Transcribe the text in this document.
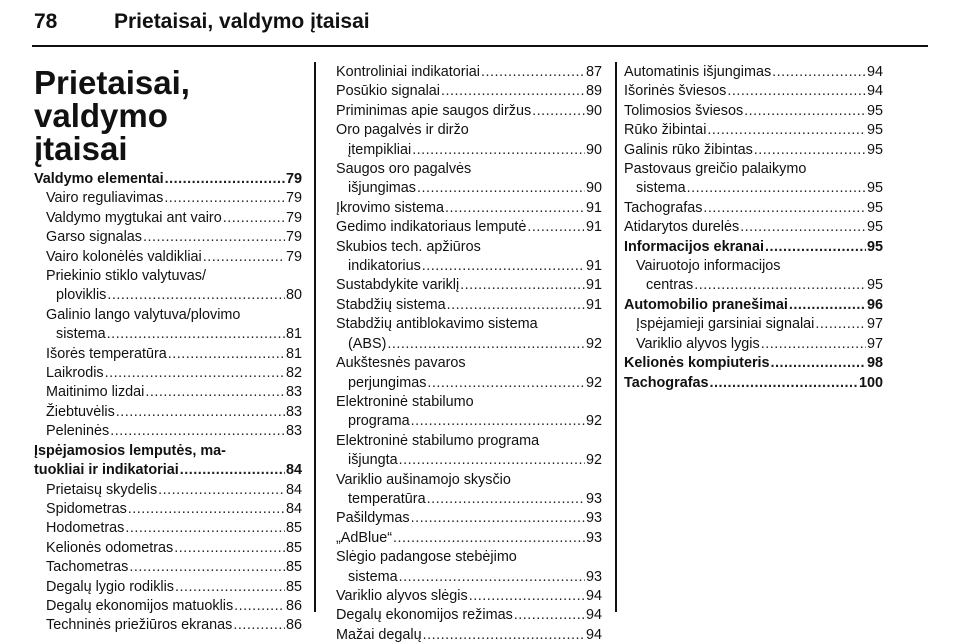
78	Prietaisai, valdymo įtaisai
Prietaisai, valdymo
įtaisai
Valdymo elementai .....	79
Vairo reguliavimas .....	79
Valdymo mygtukai ant vairo .....	79
Garso signalas .....	79
Vairo kolonėlės valdikliai .....	79
Priekinio stiklo valytuvas/
ploviklis .....	80
Galinio lango valytuva/plovimo
sistema .....	81
Išorės temperatūra .....	81
Laikrodis .....	82
Maitinimo lizdai .....	83
Žiebtuvėlis .....	83
Peleninės .....	83
Įspėjamosios lemputės, ma-
tuokliai ir indikatoriai .....	84
Prietaisų skydelis .....	84
Spidometras .....	84
Hodometras .....	85
Kelionės odometras .....	85
Tachometras .....	85
Degalų lygio rodiklis .....	85
Degalų ekonomijos matuoklis .....	86
Techninės priežiūros ekranas .....	86
Kontroliniai indikatoriai .....	87
Posūkio signalai .....	89
Priminimas apie saugos diržus .....	90
Oro pagalvės ir diržo
įtempikliai .....	90
Saugos oro pagalvės
išjungimas .....	90
Įkrovimo sistema .....	91
Gedimo indikatoriaus lemputė .....	91
Skubios tech. apžiūros
indikatorius .....	91
Sustabdykite variklį .....	91
Stabdžių sistema .....	91
Stabdžių antiblokavimo sistema
(ABS) .....	92
Aukštesnės pavaros
perjungimas .....	92
Elektroninė stabilumo
programa .....	92
Elektroninė stabilumo programa
išjungta .....	92
Variklio aušinamojo skysčio
temperatūra .....	93
Pašildymas .....	93
„AdBlue“ .....	93
Slėgio padangose stebėjimo
sistema .....	93
Variklio alyvos slėgis .....	94
Degalų ekonomijos režimas .....	94
Mažai degalų .....	94
Automatinis išjungimas .....	94
Išorinės šviesos .....	94
Tolimosios šviesos .....	95
Rūko žibintai .....	95
Galinis rūko žibintas .....	95
Pastovaus greičio palaikymo
sistema .....	95
Tachografas .....	95
Atidarytos durelės .....	95
Informacijos ekranai .....	95
Vairuotojo informacijos
centras .....	95
Automobilio pranešimai .....	96
Įspėjamieji garsiniai signalai .....	97
Variklio alyvos lygis .....	97
Kelionės kompiuteris .....	98
Tachografas .....	100
